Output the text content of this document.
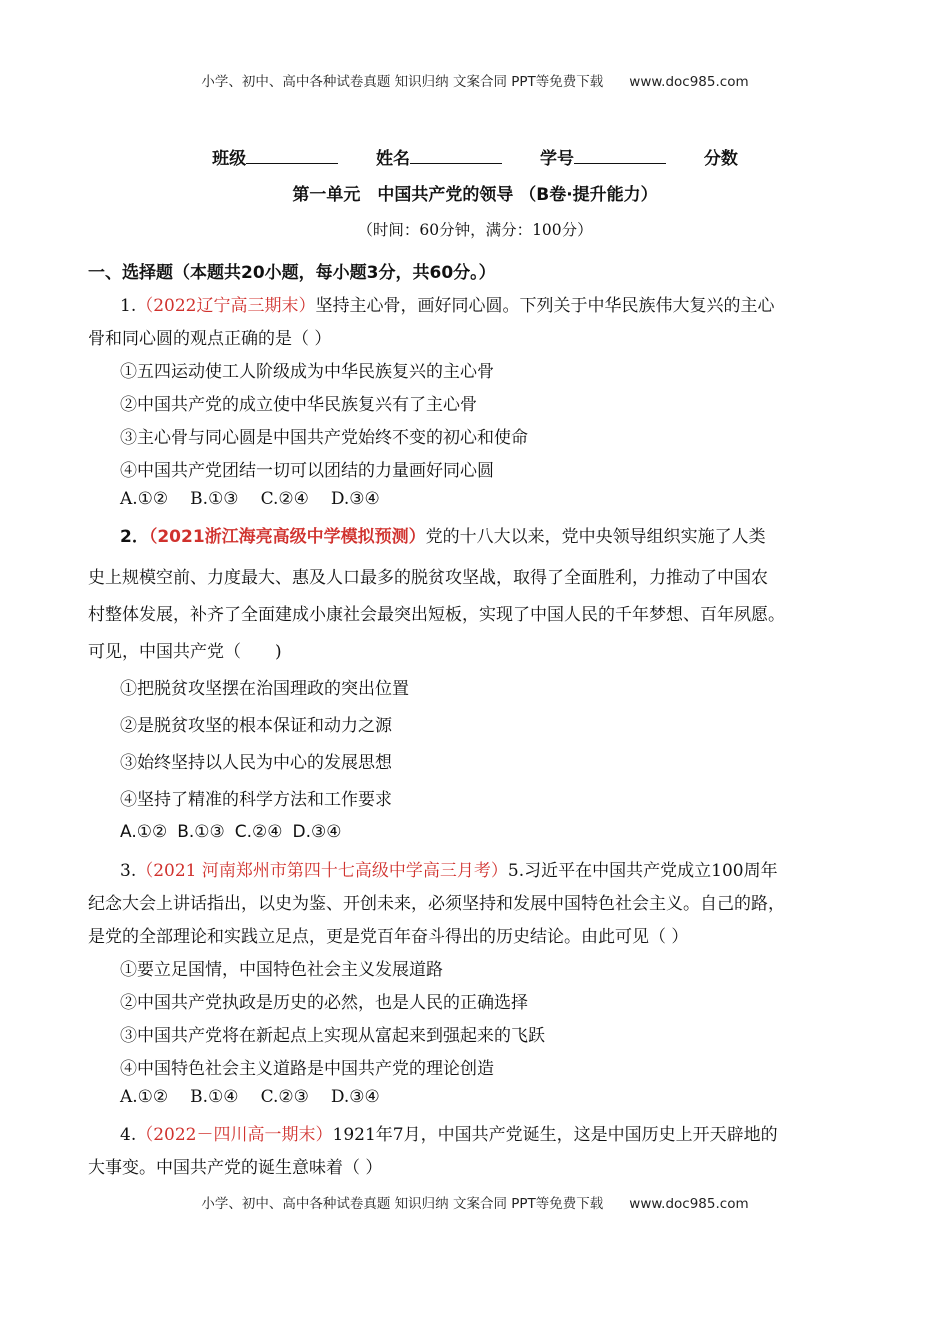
小学、初中、高中各种试卷真题 知识归纳 文案合同 PPT等免费下载 www.doc985.com
班级	姓名	学号	分数
第一单元　中国共产党的领导 （B卷·提升能力）
（时间：60分钟，满分：100分）
一、选择题（本题共20小题，每小题3分，共60分。）
1.（2022辽宁高三期末）坚持主心骨，画好同心圆。下列关于中华民族伟大复兴的主心
骨和同心圆的观点正确的是（ ）
①五四运动使工人阶级成为中华民族复兴的主心骨
②中国共产党的成立使中华民族复兴有了主心骨
③主心骨与同心圆是中国共产党始终不变的初心和使命
④中国共产党团结一切可以团结的力量画好同心圆
A.①② B.①③ C.②④ D.③④
2．（2021浙江海亮高级中学模拟预测）党的十八大以来，党中央领导组织实施了人类
史上规模空前、力度最大、惠及人口最多的脱贫攻坚战，取得了全面胜利，力推动了中国农
村整体发展，补齐了全面建成小康社会最突出短板，实现了中国人民的千年梦想、百年夙愿。
可见，中国共产党（　　)
①把脱贫攻坚摆在治国理政的突出位置
②是脱贫攻坚的根本保证和动力之源
③始终坚持以人民为中心的发展思想
④坚持了精准的科学方法和工作要求
A.①② B.①③ C.②④ D.③④
3.（2021 河南郑州市第四十七高级中学高三月考）5.习近平在中国共产党成立100周年
纪念大会上讲话指出，以史为鉴、开创未来，必须坚持和发展中国特色社会主义。自己的路，
是党的全部理论和实践立足点，更是党百年奋斗得出的历史结论。由此可见（ ）
①要立足国情，中国特色社会主义发展道路
②中国共产党执政是历史的必然，也是人民的正确选择
③中国共产党将在新起点上实现从富起来到强起来的飞跃
④中国特色社会主义道路是中国共产党的理论创造
A.①② B.①④ C.②③ D.③④
4.（2022－四川高一期末）1921年7月，中国共产党诞生，这是中国历史上开天辟地的
大事变。中国共产党的诞生意味着（ ）
小学、初中、高中各种试卷真题 知识归纳 文案合同 PPT等免费下载 www.doc985.com
